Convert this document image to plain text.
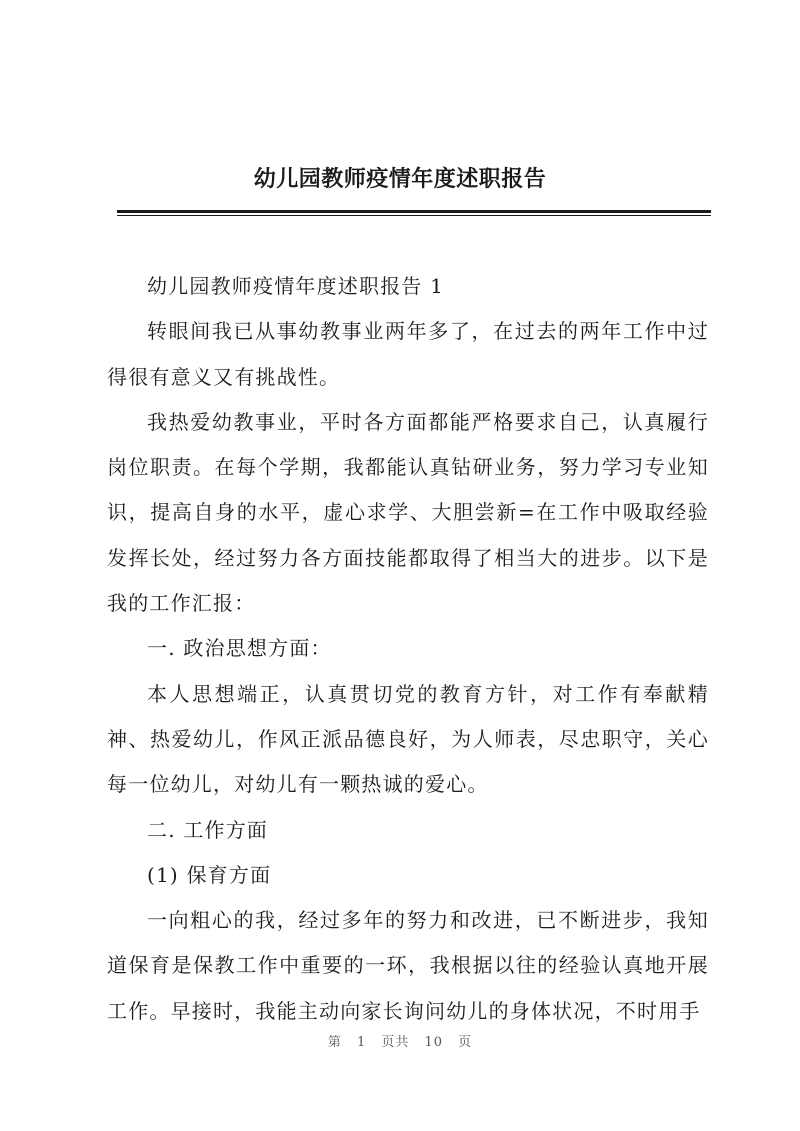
幼儿园教师疫情年度述职报告

幼儿园教师疫情年度述职报告 1

转眼间我已从事幼教事业两年多了，在过去的两年工作中过得很有意义又有挑战性。

我热爱幼教事业，平时各方面都能严格要求自己，认真履行岗位职责。在每个学期，我都能认真钻研业务，努力学习专业知识，提高自身的水平，虚心求学、大胆尝新=在工作中吸取经验发挥长处，经过努力各方面技能都取得了相当大的进步。以下是我的工作汇报：

一. 政治思想方面：

本人思想端正，认真贯切党的教育方针，对工作有奉献精神、热爱幼儿，作风正派品德良好，为人师表，尽忠职守，关心每一位幼儿，对幼儿有一颗热诚的爱心。

二. 工作方面

(1) 保育方面

一向粗心的我，经过多年的努力和改进，已不断进步，我知道保育是保教工作中重要的一环，我根据以往的经验认真地开展工作。早接时，我能主动向家长询问幼儿的身体状况，不时用手

第 1 页共 10 页
